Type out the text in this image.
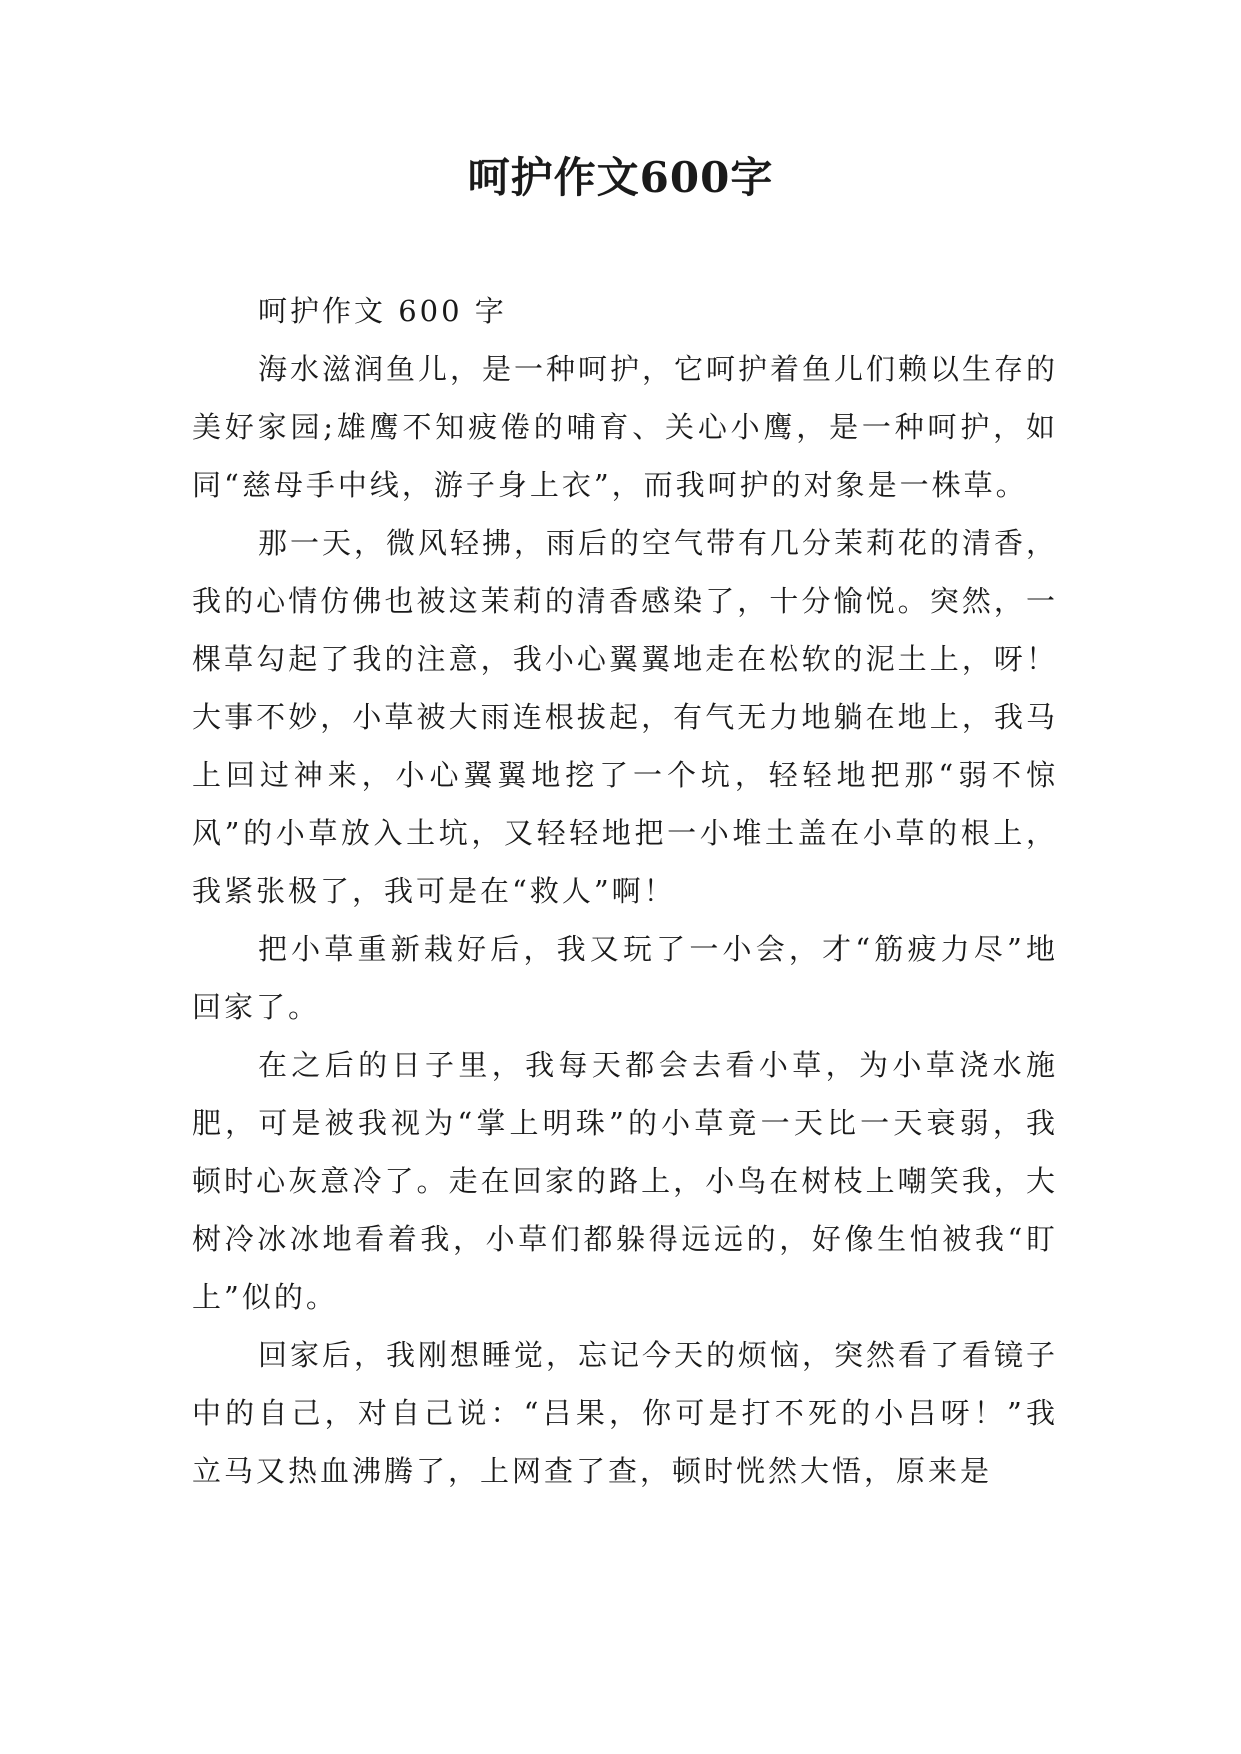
呵护作文600字

呵护作文 600 字

海水滋润鱼儿，是一种呵护，它呵护着鱼儿们赖以生存的美好家园;雄鹰不知疲倦的哺育、关心小鹰，是一种呵护，如同“慈母手中线，游子身上衣”，而我呵护的对象是一株草。

那一天，微风轻拂，雨后的空气带有几分茉莉花的清香，我的心情仿佛也被这茉莉的清香感染了，十分愉悦。突然，一棵草勾起了我的注意，我小心翼翼地走在松软的泥土上，呀！大事不妙，小草被大雨连根拔起，有气无力地躺在地上，我马上回过神来，小心翼翼地挖了一个坑，轻轻地把那“弱不惊风”的小草放入土坑，又轻轻地把一小堆土盖在小草的根上，我紧张极了，我可是在“救人”啊！

把小草重新栽好后，我又玩了一小会，才“筋疲力尽”地回家了。

在之后的日子里，我每天都会去看小草，为小草浇水施肥，可是被我视为“掌上明珠”的小草竟一天比一天衰弱，我顿时心灰意冷了。走在回家的路上，小鸟在树枝上嘲笑我，大树冷冰冰地看着我，小草们都躲得远远的，好像生怕被我“盯上”似的。

回家后，我刚想睡觉，忘记今天的烦恼，突然看了看镜子中的自己，对自己说：“吕果，你可是打不死的小吕呀！”我立马又热血沸腾了，上网查了查，顿时恍然大悟，原来是
